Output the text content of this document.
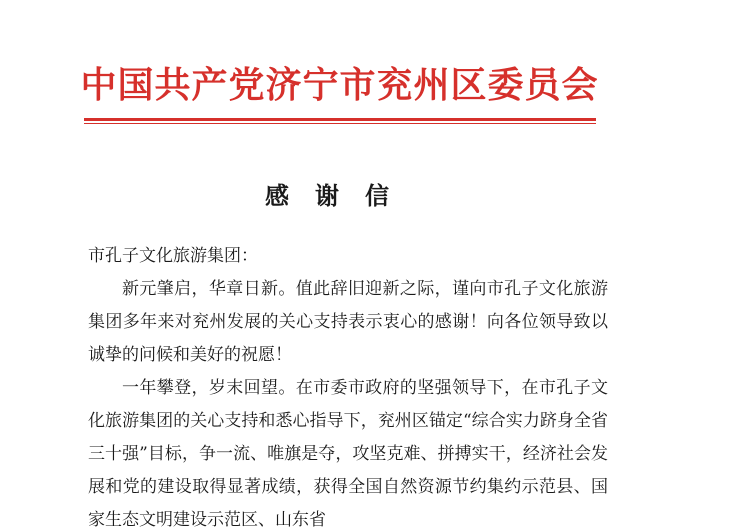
中国共产党济宁市兖州区委员会
感谢信

市孔子文化旅游集团：

新元肇启，华章日新。值此辞旧迎新之际，谨向市孔子文化旅游集团多年来对兖州发展的关心支持表示衷心的感谢！向各位领导致以诚挚的问候和美好的祝愿！

一年攀登，岁末回望。在市委市政府的坚强领导下，在市孔子文化旅游集团的关心支持和悉心指导下，兖州区锚定“综合实力跻身全省三十强”目标，争一流、唯旗是夺，攻坚克难、拼搏实干，经济社会发展和党的建设取得显著成绩，获得全国自然资源节约集约示范县、国家生态文明建设示范区、山东省
